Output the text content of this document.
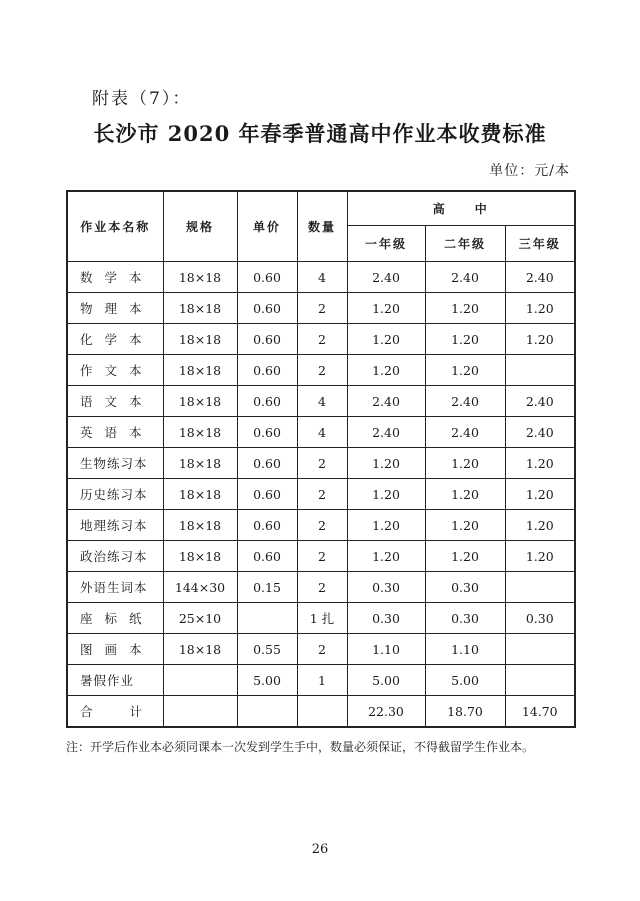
附表（7）：
长沙市 2020 年春季普通高中作业本收费标准
单位：元/本
作业本名称	规格	单价	数量	高　　中		
				一年级	二年级	三年级
数 学 本	18×18	0.60	4	2.40	2.40	2.40
物 理 本	18×18	0.60	2	1.20	1.20	1.20
化 学 本	18×18	0.60	2	1.20	1.20	1.20
作 文 本	18×18	0.60	2	1.20	1.20	
语 文 本	18×18	0.60	4	2.40	2.40	2.40
英 语 本	18×18	0.60	4	2.40	2.40	2.40
生物练习本	18×18	0.60	2	1.20	1.20	1.20
历史练习本	18×18	0.60	2	1.20	1.20	1.20
地理练习本	18×18	0.60	2	1.20	1.20	1.20
政治练习本	18×18	0.60	2	1.20	1.20	1.20
外语生词本	144×30	0.15	2	0.30	0.30	
座 标 纸	25×10		1 扎	0.30	0.30	0.30
图 画 本	18×18	0.55	2	1.10	1.10	
暑假作业		5.00	1	5.00	5.00	
合　　计				22.30	18.70	14.70
注：开学后作业本必须同课本一次发到学生手中，数量必须保证，不得截留学生作业本。
26
